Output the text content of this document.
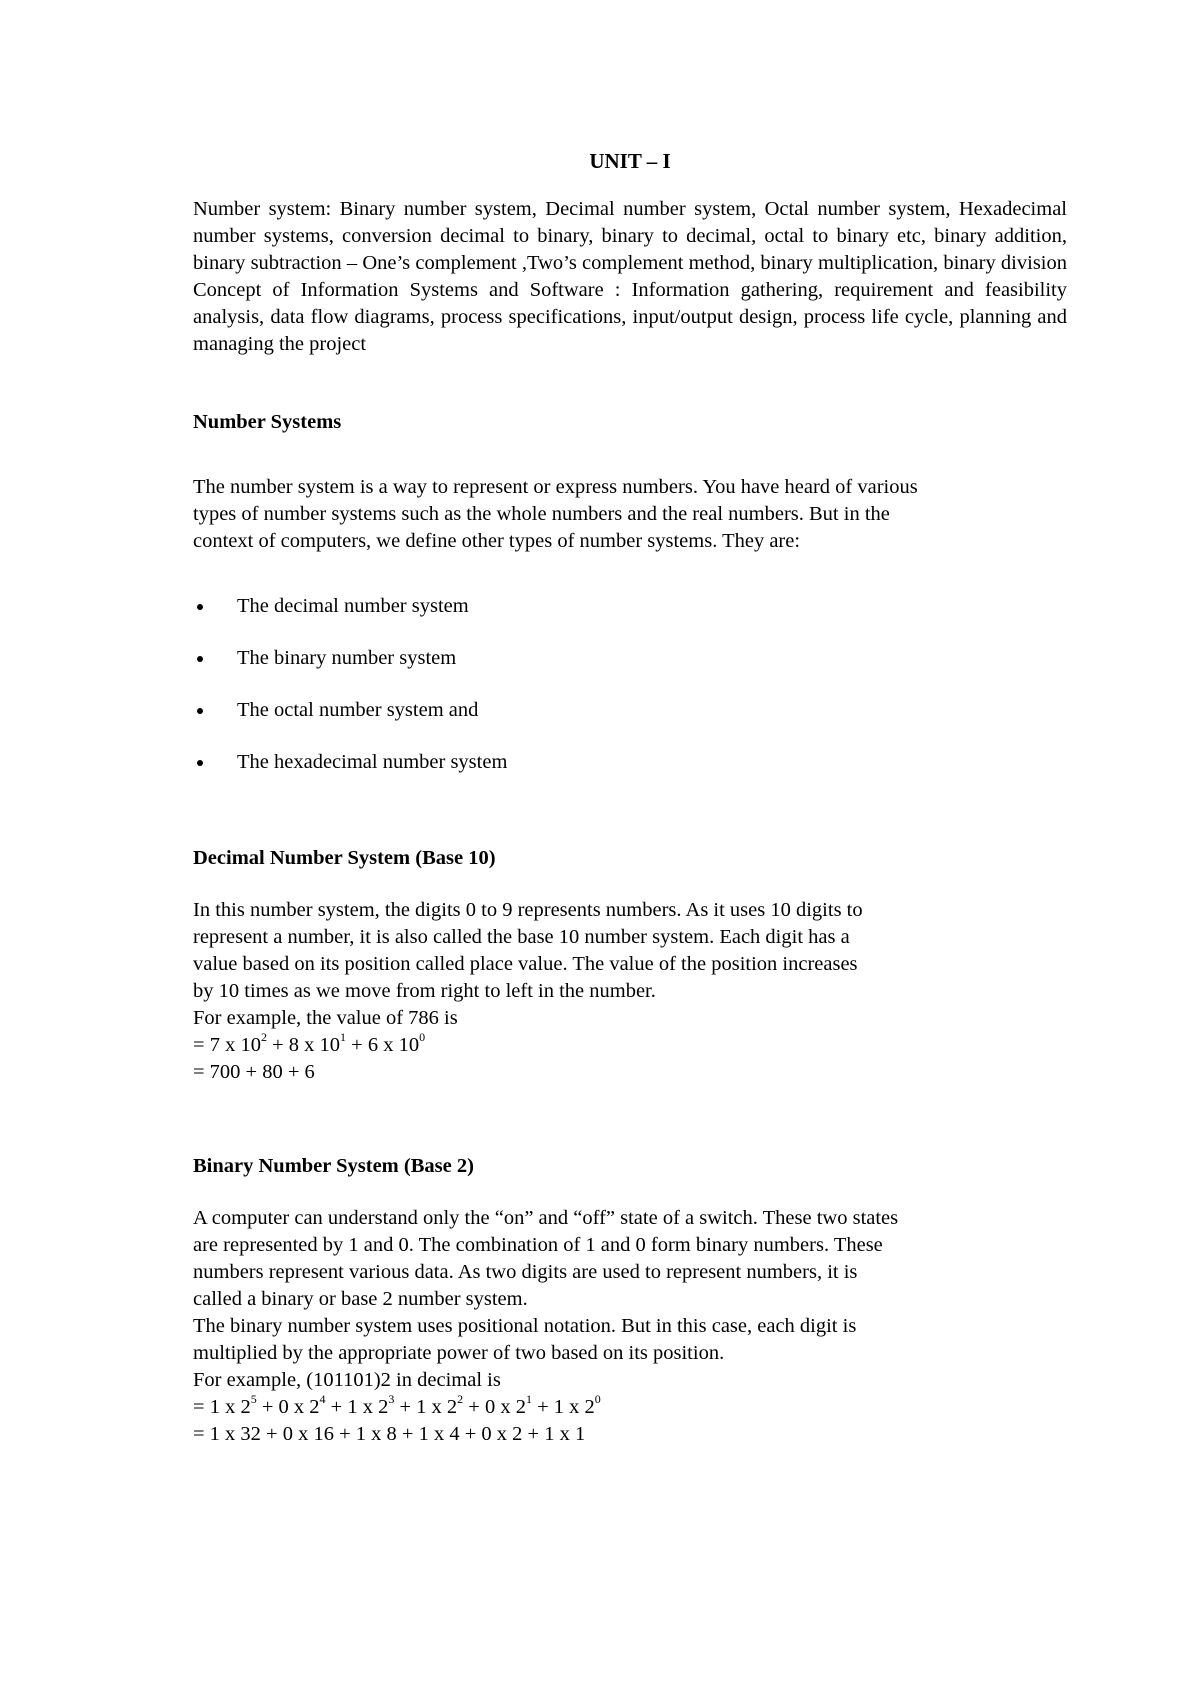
UNIT – I

Number system: Binary number system, Decimal number system, Octal number system, Hexadecimal number systems, conversion decimal to binary, binary to decimal, octal to binary etc, binary addition, binary subtraction – One’s complement ,Two’s complement method, binary multiplication, binary division Concept of Information Systems and Software : Information gathering, requirement and feasibility analysis, data flow diagrams, process specifications, input/output design, process life cycle, planning and managing the project

Number Systems
The number system is a way to represent or express numbers. You have heard of various
types of number systems such as the whole numbers and the real numbers. But in the
context of computers, we define other types of number systems. They are:
The decimal number system
The binary number system
The octal number system and
The hexadecimal number system
Decimal Number System (Base 10)
In this number system, the digits 0 to 9 represents numbers. As it uses 10 digits to
represent a number, it is also called the base 10 number system. Each digit has a
value based on its position called place value. The value of the position increases
by 10 times as we move from right to left in the number.
For example, the value of 786 is
= 7 x $10^2 + 8$ x $10^1 + 6$ x $10^0$
= 700 + 80 + 6
Binary Number System (Base 2)
A computer can understand only the “on” and “off” state of a switch. These two states
are represented by 1 and 0. The combination of 1 and 0 form binary numbers. These
numbers represent various data. As two digits are used to represent numbers, it is
called a binary or base 2 number system.
The binary number system uses positional notation. But in this case, each digit is
multiplied by the appropriate power of two based on its position.
For example, (101101)2 in decimal is
= 1 x $2^5 + 0$ x $2^4 + 1$ x $2^3 + 1$ x $2^2 + 0$ x $2^1 + 1$ x $2^0$
= 1 x 32 + 0 x 16 + 1 x 8 + 1 x 4 + 0 x 2 + 1 x 1
